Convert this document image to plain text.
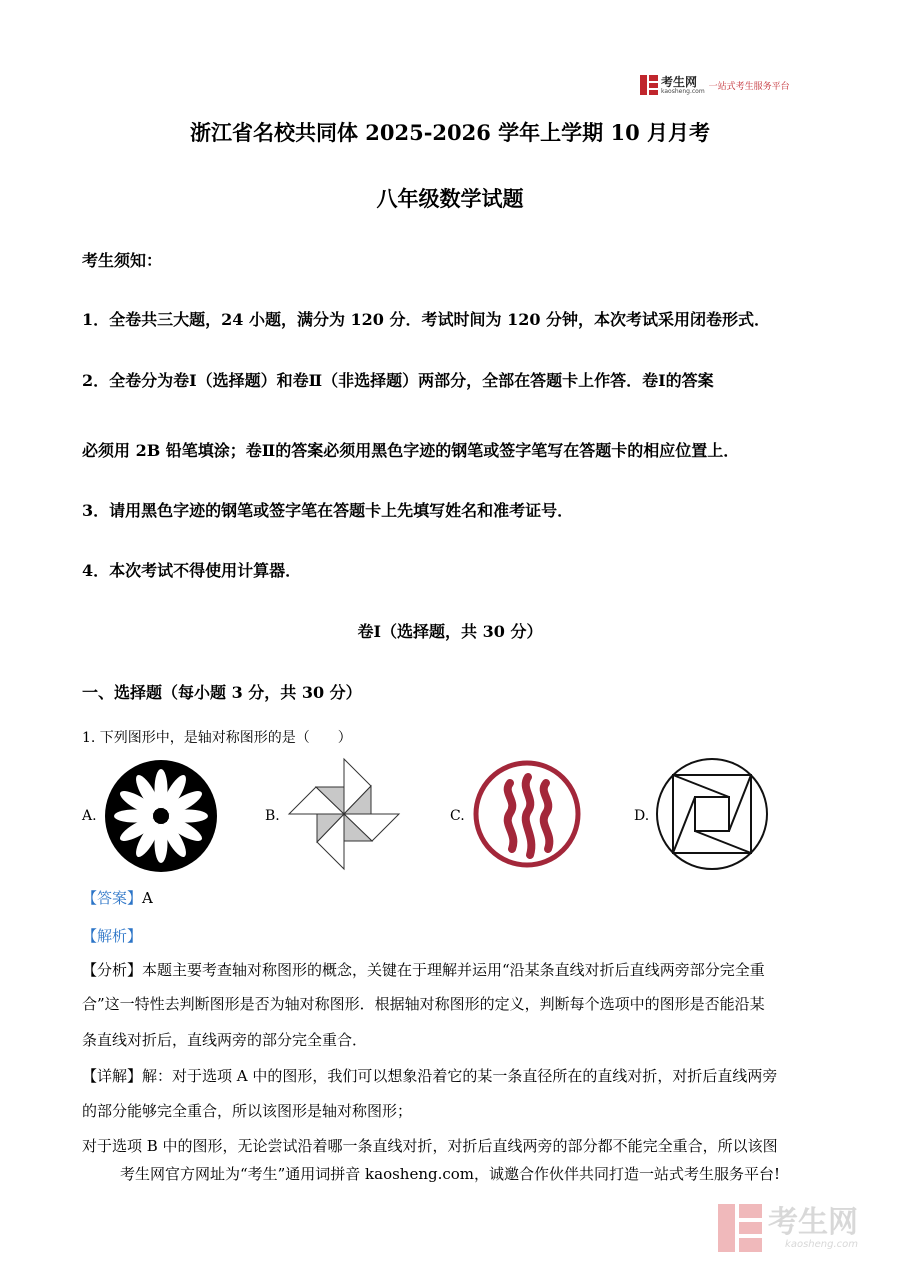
考生网
kaosheng.com 一站式考生服务平台
浙江省名校共同体 2025-2026 学年上学期 10 月月考
八年级数学试题
考生须知：
1．全卷共三大题，24 小题，满分为 120 分．考试时间为 120 分钟，本次考试采用闭卷形式．
2．全卷分为卷Ⅰ（选择题）和卷Ⅱ（非选择题）两部分，全部在答题卡上作答．卷Ⅰ的答案
必须用 2B 铅笔填涂；卷Ⅱ的答案必须用黑色字迹的钢笔或签字笔写在答题卡的相应位置上．
3．请用黑色字迹的钢笔或签字笔在答题卡上先填写姓名和准考证号．
4．本次考试不得使用计算器．
卷Ⅰ（选择题，共 30 分）
一、选择题（每小题 3 分，共 30 分）
1. 下列图形中，是轴对称图形的是（　　）
A.	B.	C.	D.
【答案】A
【解析】
【分析】本题主要考查轴对称图形的概念，关键在于理解并运用“沿某条直线对折后直线两旁部分完全重
合”这一特性去判断图形是否为轴对称图形．根据轴对称图形的定义，判断每个选项中的图形是否能沿某
条直线对折后，直线两旁的部分完全重合．
【详解】解：对于选项 A 中的图形，我们可以想象沿着它的某一条直径所在的直线对折，对折后直线两旁
的部分能够完全重合，所以该图形是轴对称图形；
对于选项 B 中的图形，无论尝试沿着哪一条直线对折，对折后直线两旁的部分都不能完全重合，所以该图
考生网官方网址为“考生”通用词拼音 kaosheng.com，诚邀合作伙伴共同打造一站式考生服务平台!
考生网
kaosheng.com
